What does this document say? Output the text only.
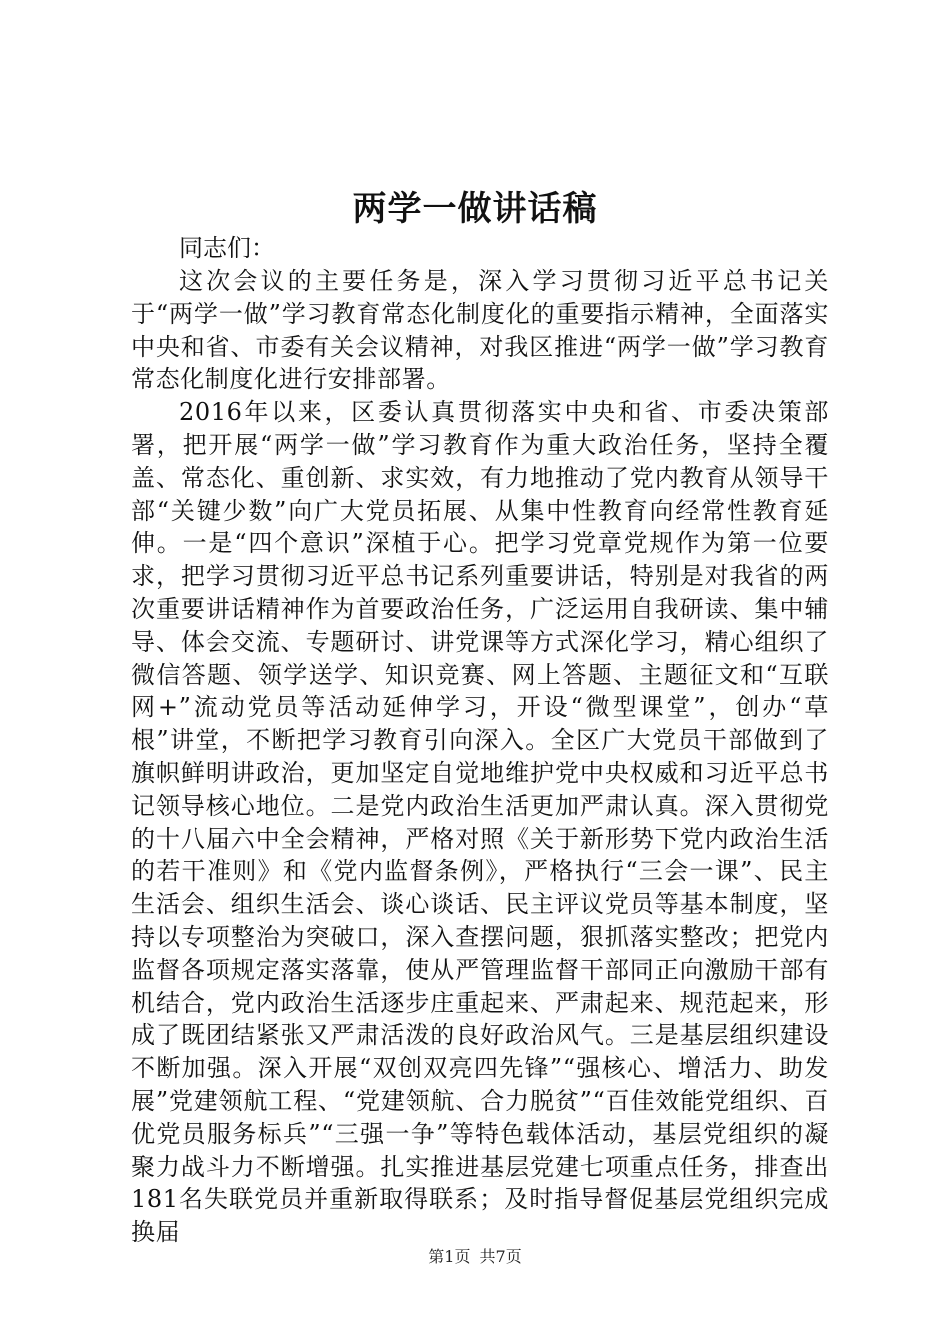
两学一做讲话稿

同志们：

这次会议的主要任务是，深入学习贯彻习近平总书记关于“两学一做”学习教育常态化制度化的重要指示精神，全面落实中央和省、市委有关会议精神，对我区推进“两学一做”学习教育常态化制度化进行安排部署。

2016年以来，区委认真贯彻落实中央和省、市委决策部署，把开展“两学一做”学习教育作为重大政治任务，坚持全覆盖、常态化、重创新、求实效，有力地推动了党内教育从领导干部“关键少数”向广大党员拓展、从集中性教育向经常性教育延伸。一是“四个意识”深植于心。把学习党章党规作为第一位要求，把学习贯彻习近平总书记系列重要讲话，特别是对我省的两次重要讲话精神作为首要政治任务，广泛运用自我研读、集中辅导、体会交流、专题研讨、讲党课等方式深化学习，精心组织了微信答题、领学送学、知识竞赛、网上答题、主题征文和“互联网+”流动党员等活动延伸学习，开设“微型课堂”，创办“草根”讲堂，不断把学习教育引向深入。全区广大党员干部做到了旗帜鲜明讲政治，更加坚定自觉地维护党中央权威和习近平总书记领导核心地位。二是党内政治生活更加严肃认真。深入贯彻党的十八届六中全会精神，严格对照《关于新形势下党内政治生活的若干准则》和《党内监督条例》，严格执行“三会一课”、民主生活会、组织生活会、谈心谈话、民主评议党员等基本制度，坚持以专项整治为突破口，深入查摆问题，狠抓落实整改；把党内监督各项规定落实落靠，使从严管理监督干部同正向激励干部有机结合，党内政治生活逐步庄重起来、严肃起来、规范起来，形成了既团结紧张又严肃活泼的良好政治风气。三是基层组织建设不断加强。深入开展“双创双亮四先锋”“强核心、增活力、助发展”党建领航工程、“党建领航、合力脱贫”“百佳效能党组织、百优党员服务标兵”“三强一争”等特色载体活动，基层党组织的凝聚力战斗力不断增强。扎实推进基层党建七项重点任务，排查出181名失联党员并重新取得联系；及时指导督促基层党组织完成换届

第1页 共7页
